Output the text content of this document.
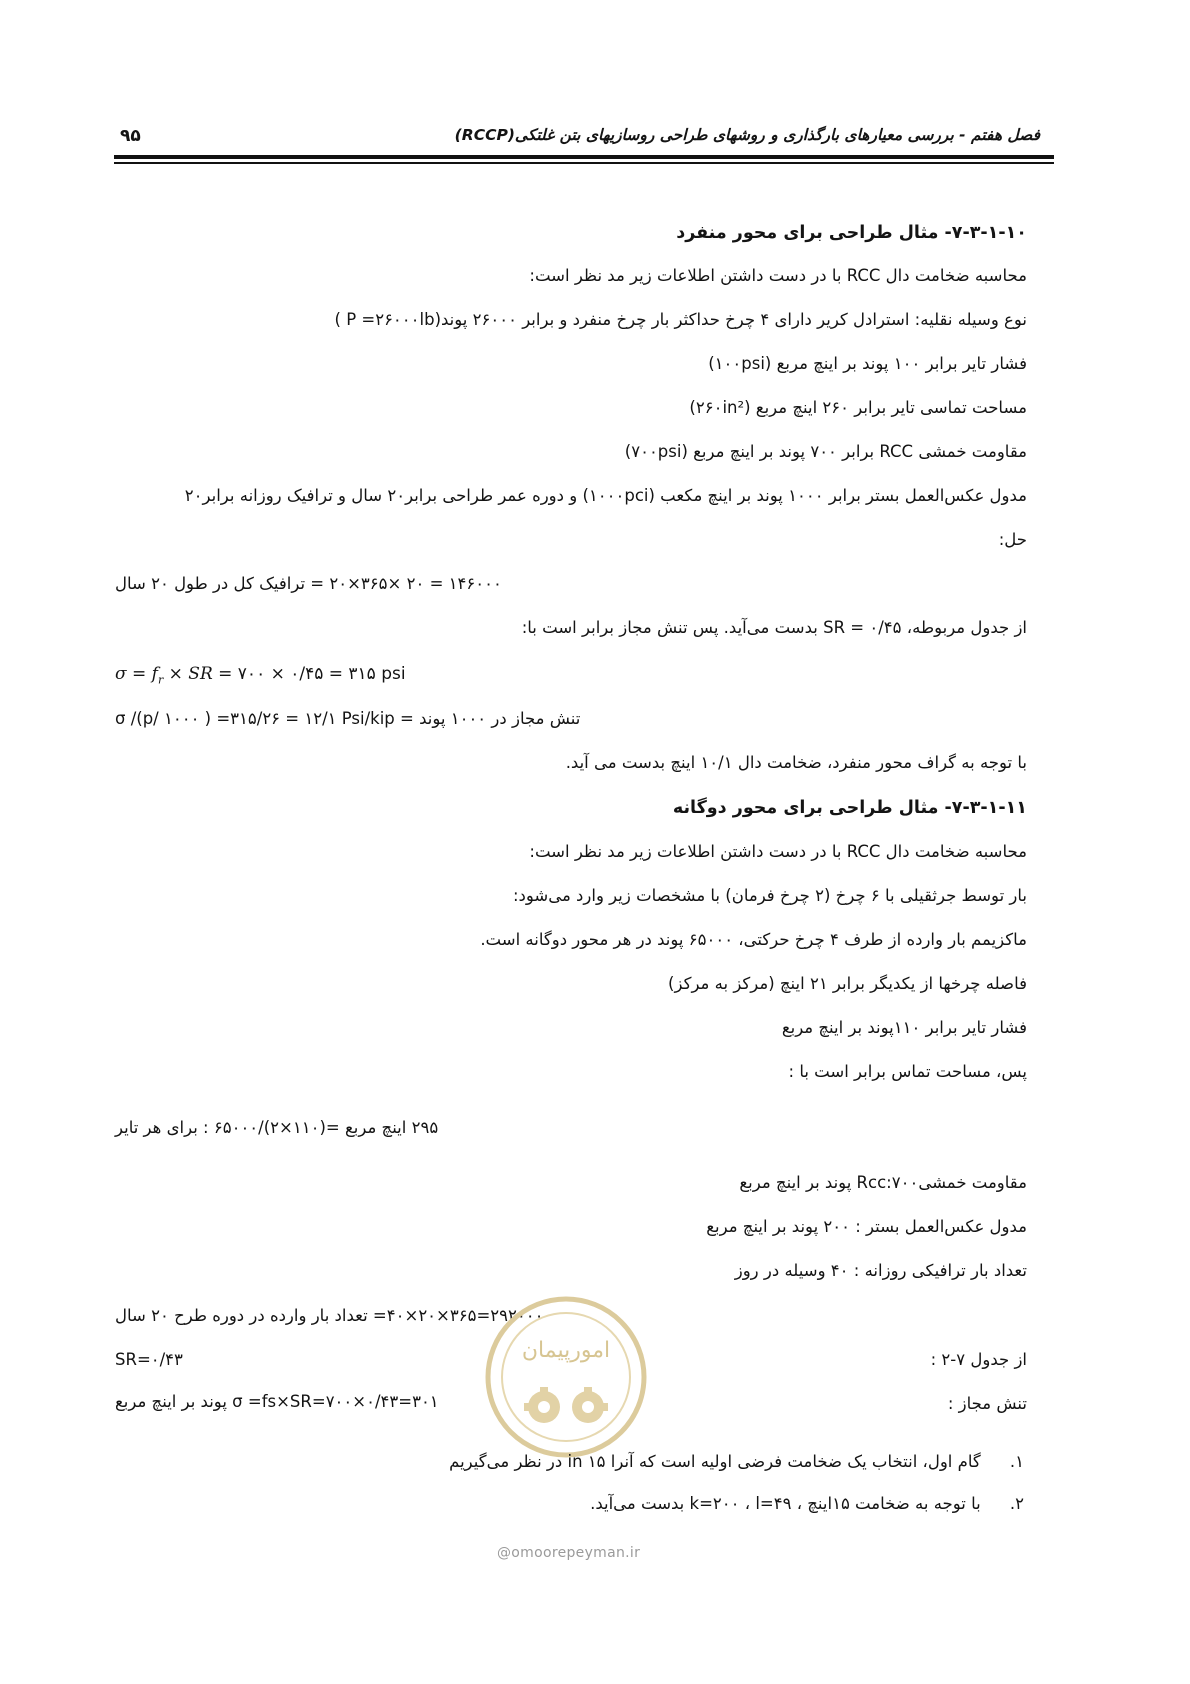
فصل هفتم - بررسی معیارهای بارگذاری و روشهای طراحی روسازیهای بتن غلتکی(RCCP)
۹۵
۷-۳-۱-۱۰- مثال طراحی برای محور منفرد
محاسبه ضخامت دال RCC با در دست داشتن اطلاعات زیر مد نظر است:
نوع وسیله نقلیه: استرادل کریر دارای ۴ چرخ حداکثر بار چرخ منفرد و برابر ۲۶۰۰۰ پوند(P =۲۶۰۰۰lb )
فشار تایر برابر ۱۰۰ پوند بر اینچ مربع (۱۰۰psi)
مساحت تماسی تایر برابر ۲۶۰ اینچ مربع (۲۶۰in²)
مقاومت خمشی RCC برابر ۷۰۰ پوند بر اینچ مربع (۷۰۰psi)
مدول عکس‌العمل بستر برابر ۱۰۰۰ پوند بر اینچ مکعب (۱۰۰۰pci) و دوره عمر طراحی برابر۲۰ سال و ترافیک روزانه برابر۲۰
حل:
۱۴۶۰۰۰ = ۲۰ ×۳۶۵×۲۰ = ترافیک کل در طول ۲۰ سال
از جدول مربوطه، SR = ۰/۴۵ بدست می‌آید. پس تنش مجاز برابر است با:
$\sigma = f_r$ × SR = ۷۰۰ × ۰/۴۵ = ۳۱۵ psi
تنش مجاز در ۱۰۰۰ پوند = σ /(p/ ۱۰۰۰ ) =۳۱۵/۲۶ = ۱۲/۱ Psi/kip
با توجه به گراف محور منفرد، ضخامت دال ۱۰/۱ اینچ بدست می آید.
۷-۳-۱-۱۱- مثال طراحی برای محور دوگانه
محاسبه ضخامت دال RCC با در دست داشتن اطلاعات زیر مد نظر است:
بار توسط جرثقیلی با ۶ چرخ (۲ چرخ فرمان) با مشخصات زیر وارد می‌شود:
ماکزیمم بار وارده از طرف ۴ چرخ حرکتی، ۶۵۰۰۰ پوند در هر محور دوگانه است.
فاصله چرخها از یکدیگر برابر ۲۱ اینچ (مرکز به مرکز)
فشار تایر برابر ۱۱۰پوند بر اینچ مربع
پس، مساحت تماس برابر است با :
۲۹۵ اینچ مربع =(۱۱۰×۲)/۶۵۰۰۰ : برای هر تایر
مقاومت خمشیRcc:۷۰۰ پوند بر اینچ مربع
مدول عکس‌العمل بستر : ۲۰۰ پوند بر اینچ مربع
تعداد بار ترافیکی روزانه : ۴۰ وسیله در روز
۲۹۲۰۰۰=۳۶۵×۲۰×۴۰= تعداد بار وارده در دوره طرح ۲۰ سال
از جدول ۷-۲ :
SR=۰/۴۳
تنش مجاز :
σ =fs×SR=۷۰۰×۰/۴۳=۳۰۱ پوند بر اینچ مربع
امورپیمان
۱. گام اول، انتخاب یک ضخامت فرضی اولیه است که آنرا ۱۵ in در نظر می‌گیریم
۲. با توجه به ضخامت ۱۵اینچ ، k=۲۰۰ ، l=۴۹ بدست می‌آید.
@omoorepeyman.ir
